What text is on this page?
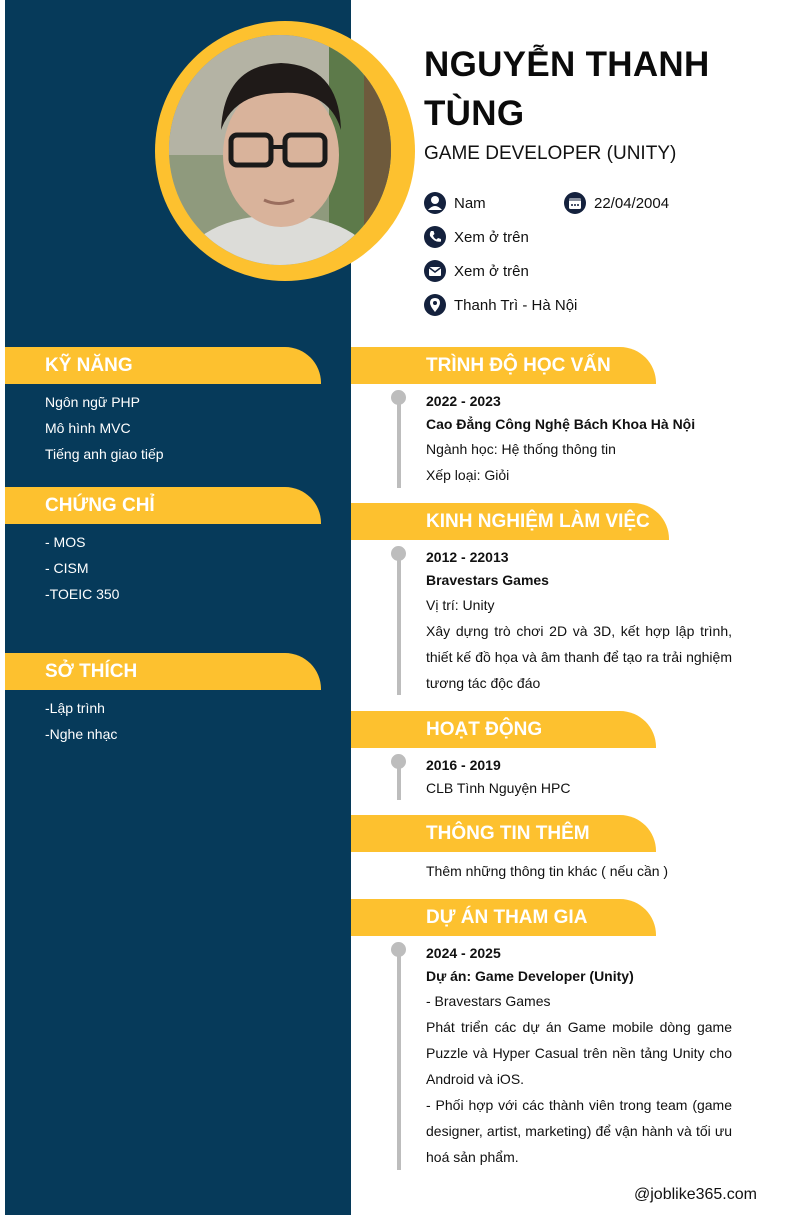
NGUYỄN THANH TÙNG
GAME DEVELOPER (UNITY)
Nam	22/04/2004
Xem ở trên
Xem ở trên
Thanh Trì - Hà Nội
KỸ NĂNG
Ngôn ngữ PHP
Mô hình MVC
Tiếng anh giao tiếp
CHỨNG CHỈ
- MOS
- CISM
-TOEIC 350
SỞ THÍCH
-Lập trình
-Nghe nhạc
TRÌNH ĐỘ HỌC VẤN
2022 - 2023
Cao Đẳng Công Nghệ Bách Khoa Hà Nội
Ngành học: Hệ thống thông tin
Xếp loại: Giỏi
KINH NGHIỆM LÀM VIỆC
2012 - 22013
Bravestars Games
Vị trí: Unity
Xây dựng trò chơi 2D và 3D, kết hợp lập trình, thiết kế đồ họa và âm thanh để tạo ra trải nghiệm tương tác độc đáo
HOẠT ĐỘNG
2016 - 2019
CLB Tình Nguyện HPC
THÔNG TIN THÊM
Thêm những thông tin khác ( nếu cần )
DỰ ÁN THAM GIA
2024 - 2025
Dự án: Game Developer (Unity)
- Bravestars Games
Phát triển các dự án Game mobile dòng game Puzzle và Hyper Casual trên nền tảng Unity cho Android và iOS.
- Phối hợp với các thành viên trong team (game designer, artist, marketing) để vận hành và tối ưu hoá sản phẩm.
@joblike365.com
